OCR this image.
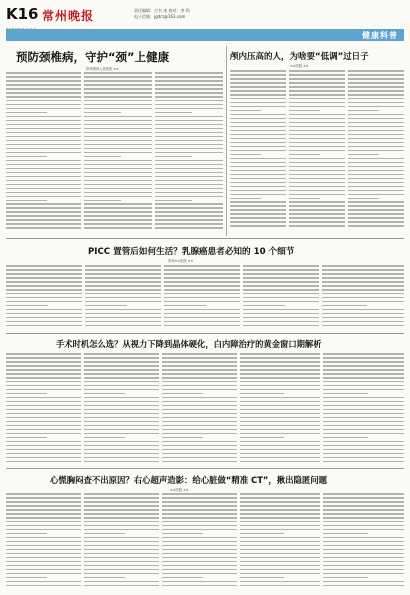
K16 常州晚报	责任编辑：吉书 本 校对：李 科
电子信箱：jgdrz@163.com
健康科普
预防颈椎病，守护“颈”上健康
常州第四人民医院 ××
颅内压高的人，为啥要“低调”过日子
××医院 ××
PICC 置管后如何生活？乳腺癌患者必知的 10 个细节
常州××医院 ××
手术时机怎么选？从视力下降到晶体硬化，白内障治疗的黄金窗口期解析
心慌胸闷查不出原因？右心超声造影：给心脏做“精准 CT”，揪出隐匿问题
××医院 ××
